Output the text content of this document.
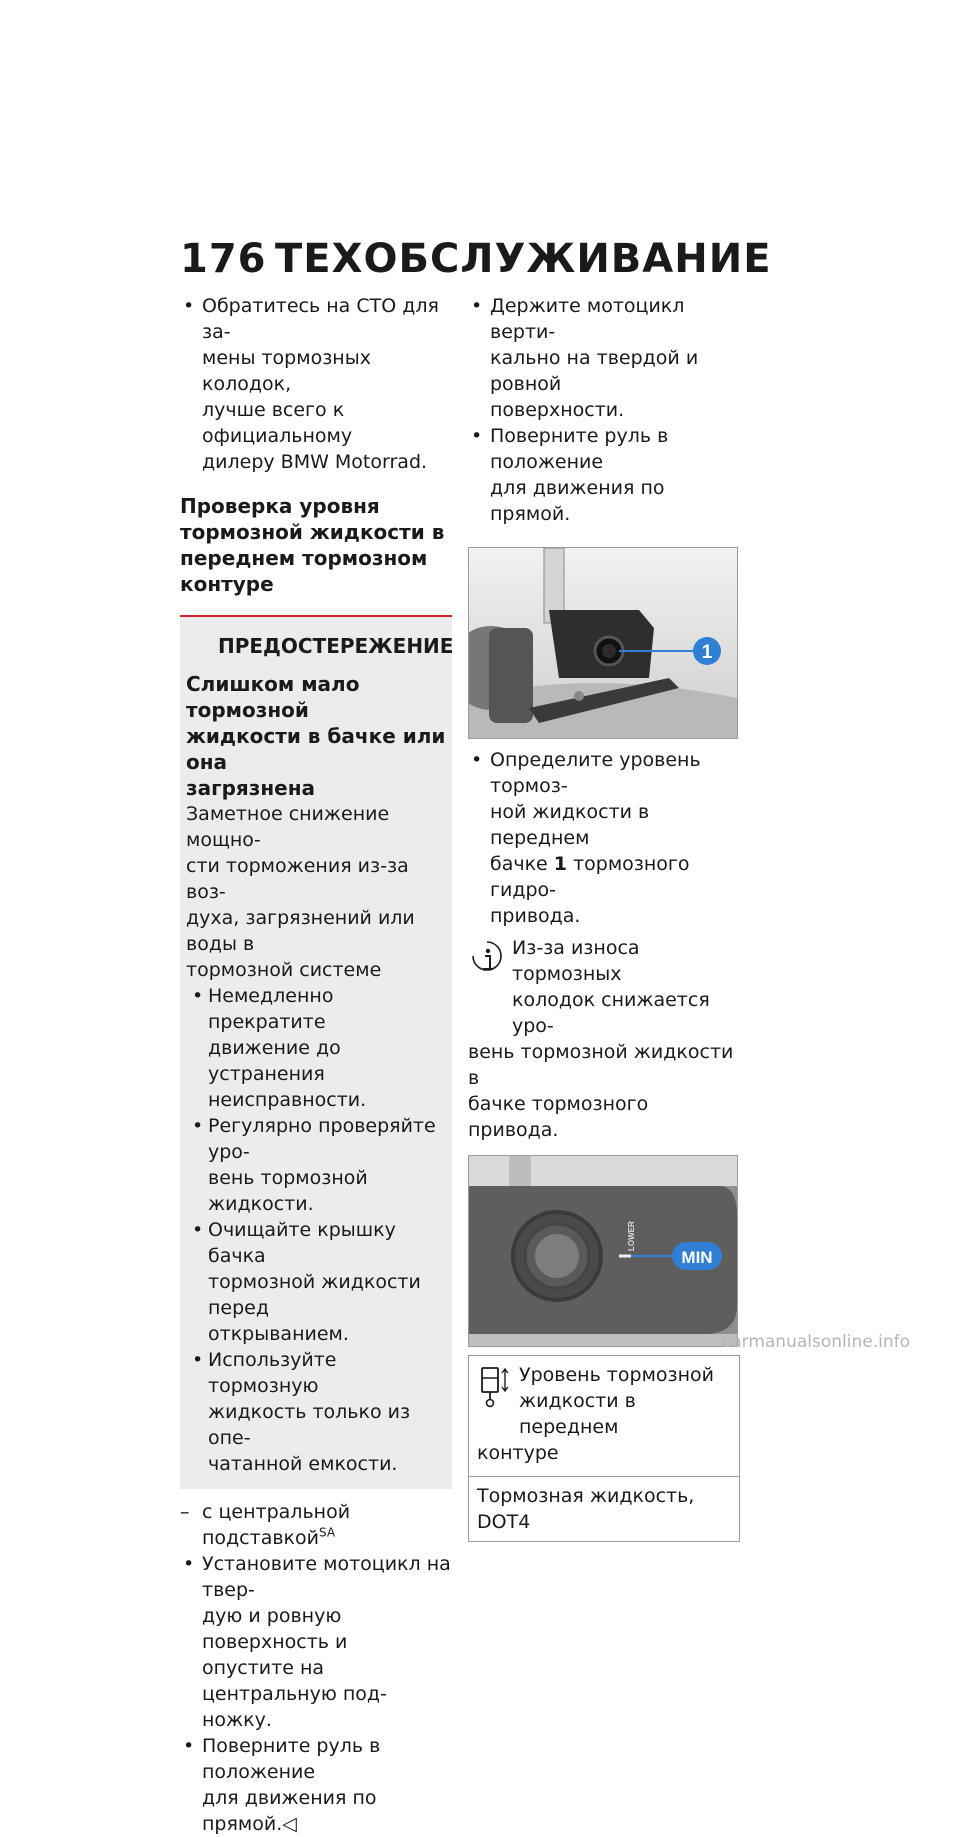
176 ТЕХОБСЛУЖИВАНИЕ
• Обратитесь на СТО для за-
мены тормозных колодок,
лучше всего к официальному
дилеру BMW Motorrad.
Проверка уровня
тормозной жидкости в
переднем тормозном
контуре
ПРЕДОСТЕРЕЖЕНИЕ
Слишком мало тормозной
жидкости в бачке или она
загрязнена
Заметное снижение мощно-
сти торможения из-за воз-
духа, загрязнений или воды в
тормозной системе
• Немедленно прекратите
движение до устранения
неисправности.
• Регулярно проверяйте уро-
вень тормозной жидкости.
• Очищайте крышку бачка
тормозной жидкости перед
открыванием.
• Используйте тормозную
жидкость только из опе-
чатанной емкости.
– с центральной подставкой$^{SA}$
• Установите мотоцикл на твер-
дую и ровную поверхность и
опустите на центральную под-
ножку.
• Поверните руль в положение
для движения по прямой.◁
• Держите мотоцикл верти-
кально на твердой и ровной
поверхности.
• Поверните руль в положение
для движения по прямой.
1
• Определите уровень тормоз-
ной жидкости в переднем
бачке 1 тормозного гидро-
привода.
Из-за износа тормозных
колодок снижается уро-
вень тормозной жидкости в
бачке тормозного привода.
LOWER
MIN
Уровень тормозной
жидкости в переднем
контуре
Тормозная жидкость, DOT4
carmanualsonline.info
